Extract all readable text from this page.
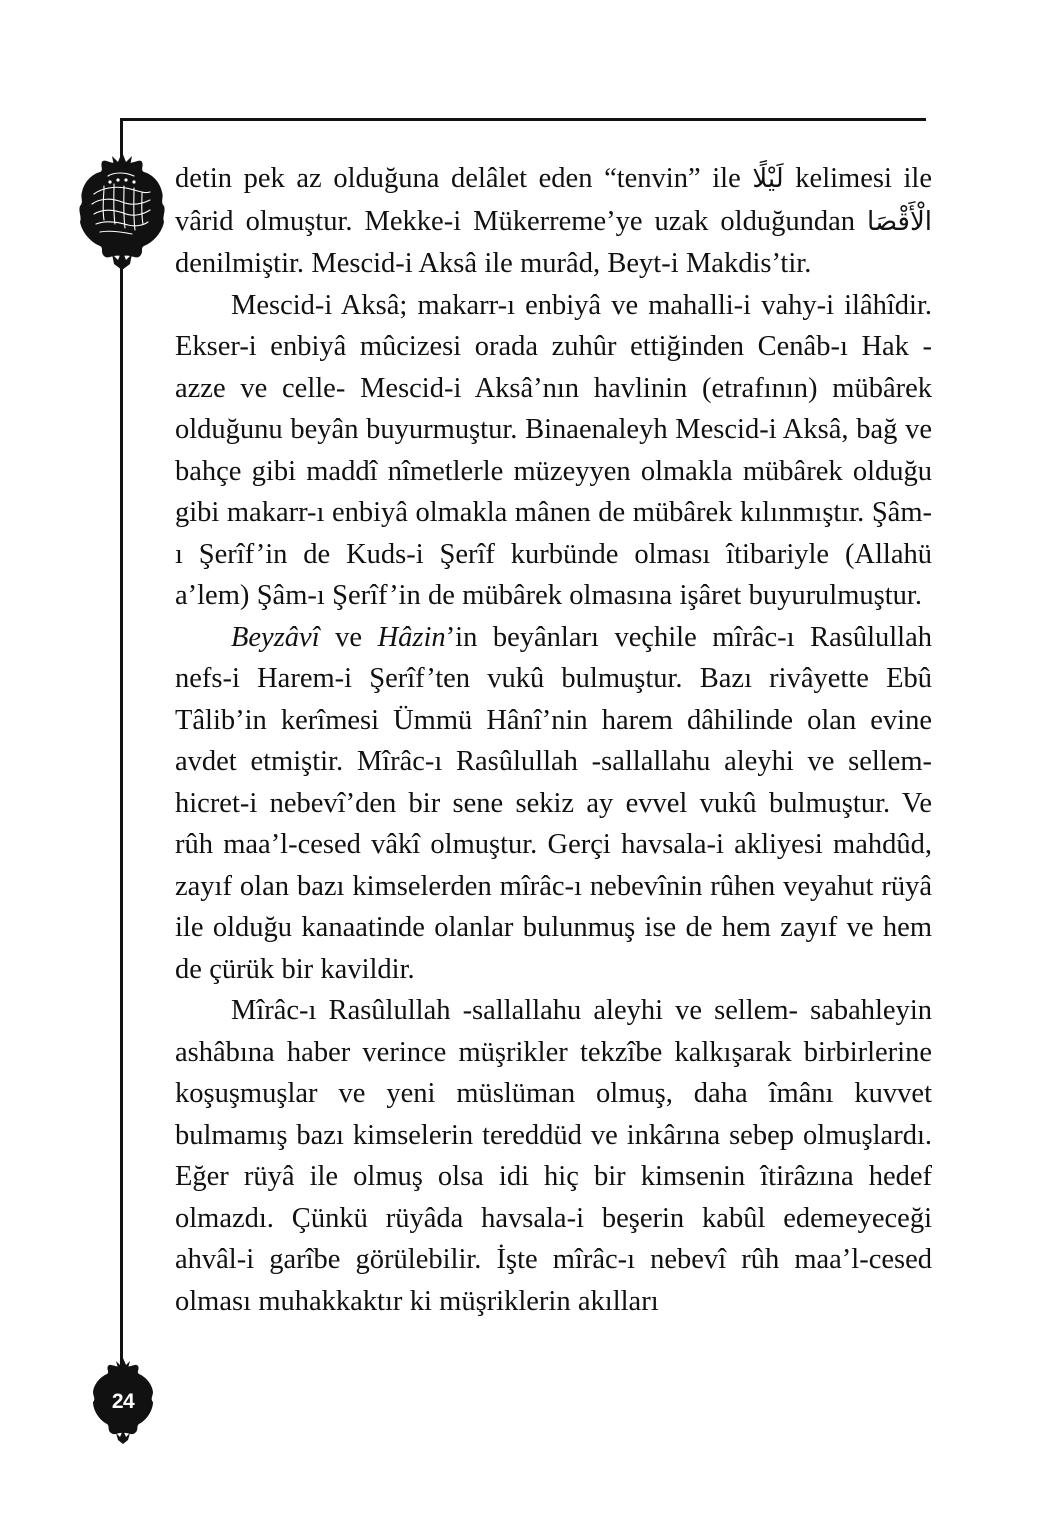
24

detin pek az olduğuna delâlet eden “tenvin” ile لَيْلًا kelimesi ile vârid olmuştur. Mekke-i Mükerreme’ye uzak olduğundan الْأَقْصَا denilmiştir. Mescid-i Aksâ ile murâd, Beyt-i Makdis’tir.

Mescid-i Aksâ; makarr-ı enbiyâ ve mahalli-i vahy-i ilâhîdir. Ekser-i enbiyâ mûcizesi orada zuhûr ettiğinden Cenâb-ı Hak -azze ve celle- Mescid-i Aksâ’nın havlinin (etrafının) mübârek olduğunu beyân buyurmuştur. Binaenaleyh Mescid-i Aksâ, bağ ve bahçe gibi maddî nîmetlerle müzeyyen olmakla mübârek olduğu gibi makarr-ı enbiyâ olmakla mânen de mübârek kılınmıştır. Şâm-ı Şerîf’in de Kuds-i Şerîf kurbünde olması îtibariyle (Allahü a’lem) Şâm-ı Şerîf’in de mübârek olmasına işâret buyurulmuştur.

Beyzâvî ve Hâzin’in beyânları veçhile mîrâc-ı Rasûlullah nefs-i Harem-i Şerîf’ten vukû bulmuştur. Bazı rivâyette Ebû Tâlib’in kerîmesi Ümmü Hânî’nin harem dâhilinde olan evine avdet etmiştir. Mîrâc-ı Rasûlullah -sallallahu aleyhi ve sellem- hicret-i nebevî’den bir sene sekiz ay evvel vukû bulmuştur. Ve rûh maa’l-cesed vâkî olmuştur. Gerçi havsala-i akliyesi mahdûd, zayıf olan bazı kimselerden mîrâc-ı nebevînin rûhen veyahut rüyâ ile olduğu kanaatinde olanlar bulunmuş ise de hem zayıf ve hem de çürük bir kavildir.

Mîrâc-ı Rasûlullah -sallallahu aleyhi ve sellem- sabahleyin ashâbına haber verince müşrikler tekzîbe kalkışarak birbirlerine koşuşmuşlar ve yeni müslüman olmuş, daha îmânı kuvvet bulmamış bazı kimselerin tereddüd ve inkârına sebep olmuşlardı. Eğer rüyâ ile olmuş olsa idi hiç bir kimsenin îtirâzına hedef olmazdı. Çünkü rüyâda havsala-i beşerin kabûl edemeyeceği ahvâl-i garîbe görülebilir. İşte mîrâc-ı nebevî rûh maa’l-cesed olması muhakkaktır ki müşriklerin akılları
